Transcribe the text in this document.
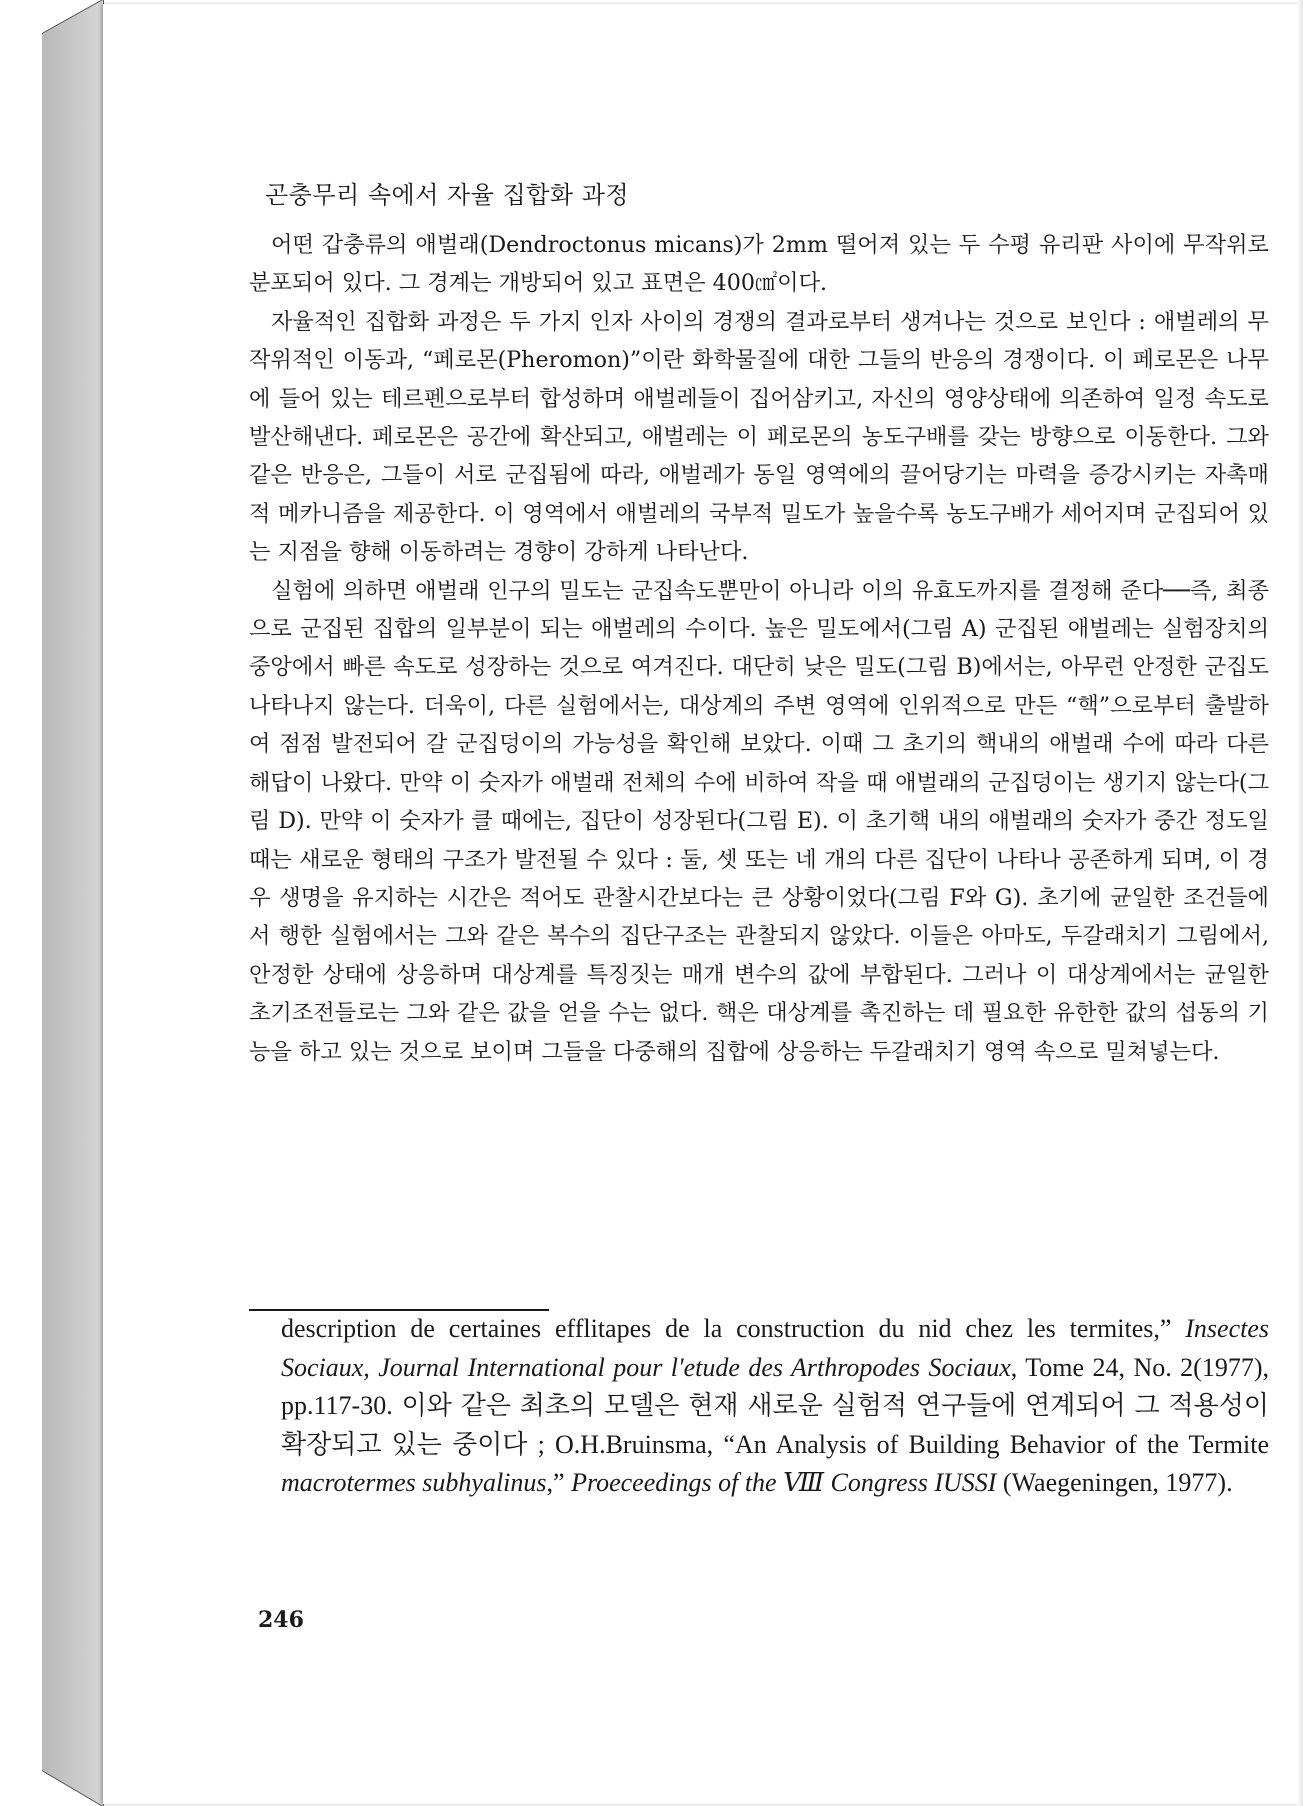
곤충무리 속에서 자율 집합화 과정

어떤 갑충류의 애벌래(Dendroctonus micans)가 2mm 떨어져 있는 두 수평 유리판 사이에 무작위로 분포되어 있다. 그 경계는 개방되어 있고 표면은 400㎠이다.

자율적인 집합화 과정은 두 가지 인자 사이의 경쟁의 결과로부터 생겨나는 것으로 보인다 : 애벌레의 무작위적인 이동과, “페로몬(Pheromon)”이란 화학물질에 대한 그들의 반응의 경쟁이다. 이 페로몬은 나무에 들어 있는 테르펜으로부터 합성하며 애벌레들이 집어삼키고, 자신의 영양상태에 의존하여 일정 속도로 발산해낸다. 페로몬은 공간에 확산되고, 애벌레는 이 페로몬의 농도구배를 갖는 방향으로 이동한다. 그와 같은 반응은, 그들이 서로 군집됨에 따라, 애벌레가 동일 영역에의 끌어당기는 마력을 증강시키는 자촉매적 메카니즘을 제공한다. 이 영역에서 애벌레의 국부적 밀도가 높을수록 농도구배가 세어지며 군집되어 있는 지점을 향해 이동하려는 경향이 강하게 나타난다.

실험에 의하면 애벌래 인구의 밀도는 군집속도뿐만이 아니라 이의 유효도까지를 결정해 준다──즉, 최종으로 군집된 집합의 일부분이 되는 애벌레의 수이다. 높은 밀도에서(그림 A) 군집된 애벌레는 실험장치의 중앙에서 빠른 속도로 성장하는 것으로 여겨진다. 대단히 낮은 밀도(그림 B)에서는, 아무런 안정한 군집도 나타나지 않는다. 더욱이, 다른 실험에서는, 대상계의 주변 영역에 인위적으로 만든 “핵”으로부터 출발하여 점점 발전되어 갈 군집덩이의 가능성을 확인해 보았다. 이때 그 초기의 핵내의 애벌래 수에 따라 다른 해답이 나왔다. 만약 이 숫자가 애벌래 전체의 수에 비하여 작을 때 애벌래의 군집덩이는 생기지 않는다(그림 D). 만약 이 숫자가 클 때에는, 집단이 성장된다(그림 E). 이 초기핵 내의 애벌래의 숫자가 중간 정도일 때는 새로운 형태의 구조가 발전될 수 있다 : 둘, 셋 또는 네 개의 다른 집단이 나타나 공존하게 되며, 이 경우 생명을 유지하는 시간은 적어도 관찰시간보다는 큰 상황이었다(그림 F와 G). 초기에 균일한 조건들에서 행한 실험에서는 그와 같은 복수의 집단구조는 관찰되지 않았다. 이들은 아마도, 두갈래치기 그림에서, 안정한 상태에 상응하며 대상계를 특징짓는 매개 변수의 값에 부합된다. 그러나 이 대상계에서는 균일한 초기조전들로는 그와 같은 값을 얻을 수는 없다. 핵은 대상계를 촉진하는 데 필요한 유한한 값의 섭동의 기능을 하고 있는 것으로 보이며 그들을 다중해의 집합에 상응하는 두갈래치기 영역 속으로 밀쳐넣는다.

description de certaines efflitapes de la construction du nid chez les termites,” Insectes Sociaux, Journal International pour l'etude des Arthropodes Sociaux, Tome 24, No. 2(1977), pp.117-30. 이와 같은 최초의 모델은 현재 새로운 실험적 연구들에 연계되어 그 적용성이 확장되고 있는 중이다 ; O.H.Bruinsma, “An Analysis of Building Behavior of the Termite macrotermes subhyalinus,” Proeceedings of the Ⅷ Congress IUSSI (Waegeningen, 1977).

246
